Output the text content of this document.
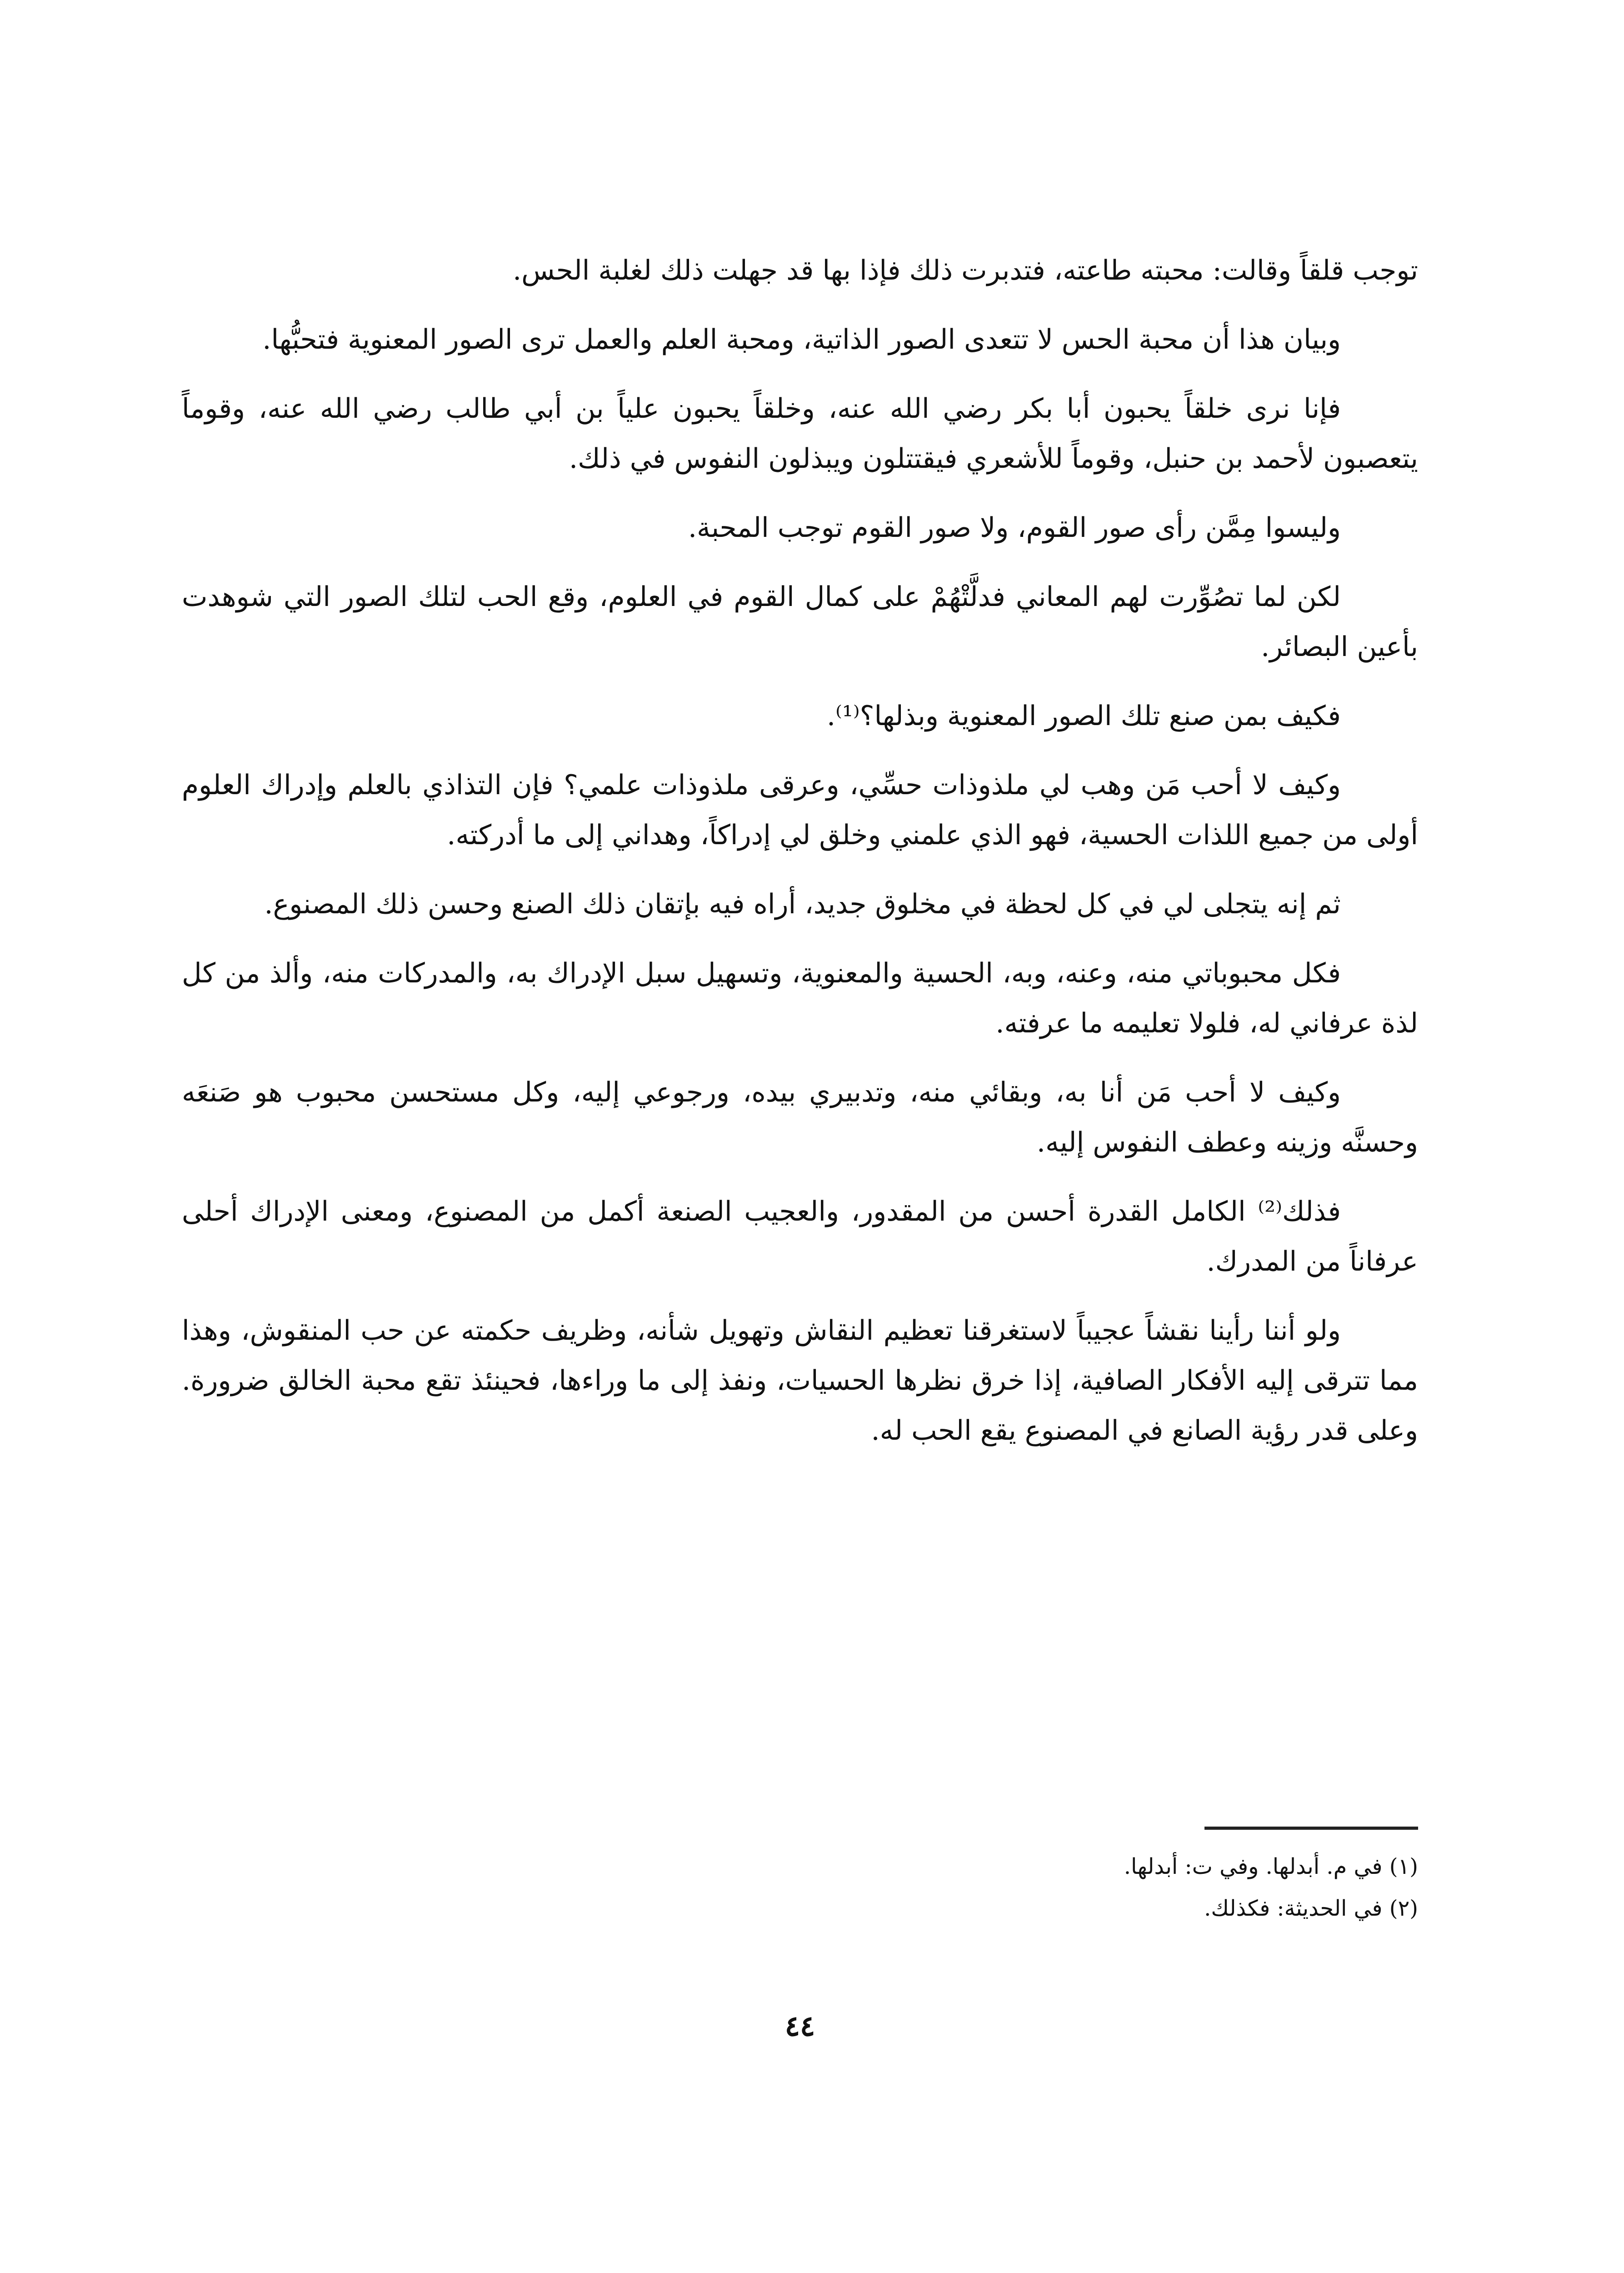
توجب قلقاً وقالت: محبته طاعته، فتدبرت ذلك فإذا بها قد جهلت ذلك لغلبة الحس.

وبيان هذا أن محبة الحس لا تتعدى الصور الذاتية، ومحبة العلم والعمل ترى الصور المعنوية فتحبُّها.

فإنا نرى خلقاً يحبون أبا بكر رضي الله عنه، وخلقاً يحبون علياً بن أبي طالب رضي الله عنه، وقوماً يتعصبون لأحمد بن حنبل، وقوماً للأشعري فيقتتلون ويبذلون النفوس في ذلك.

وليسوا مِمَّن رأى صور القوم، ولا صور القوم توجب المحبة.

لكن لما تصُوِّرت لهم المعاني فدلَّتْهُمْ على كمال القوم في العلوم، وقع الحب لتلك الصور التي شوهدت بأعين البصائر.

فكيف بمن صنع تلك الصور المعنوية وبذلها؟⁽¹⁾.

وكيف لا أحب مَن وهب لي ملذوذات حسِّي، وعرقى ملذوذات علمي؟ فإن التذاذي بالعلم وإدراك العلوم أولى من جميع اللذات الحسية، فهو الذي علمني وخلق لي إدراكاً، وهداني إلى ما أدركته.

ثم إنه يتجلى لي في كل لحظة في مخلوق جديد، أراه فيه بإتقان ذلك الصنع وحسن ذلك المصنوع.

فكل محبوباتي منه، وعنه، وبه، الحسية والمعنوية، وتسهيل سبل الإدراك به، والمدركات منه، وألذ من كل لذة عرفاني له، فلولا تعليمه ما عرفته.

وكيف لا أحب مَن أنا به، وبقائي منه، وتدبيري بيده، ورجوعي إليه، وكل مستحسن محبوب هو صَنعَه وحسنَّه وزينه وعطف النفوس إليه.

فذلك⁽²⁾ الكامل القدرة أحسن من المقدور، والعجيب الصنعة أكمل من المصنوع، ومعنى الإدراك أحلى عرفاناً من المدرك.

ولو أننا رأينا نقشاً عجيباً لاستغرقنا تعظيم النقاش وتهويل شأنه، وظريف حكمته عن حب المنقوش، وهذا مما تترقى إليه الأفكار الصافية، إذا خرق نظرها الحسيات، ونفذ إلى ما وراءها، فحينئذ تقع محبة الخالق ضرورة. وعلى قدر رؤية الصانع في المصنوع يقع الحب له.

(١) في م. أبدلها. وفي ت: أبدلها.

(٢) في الحديثة: فكذلك.

٤٤
